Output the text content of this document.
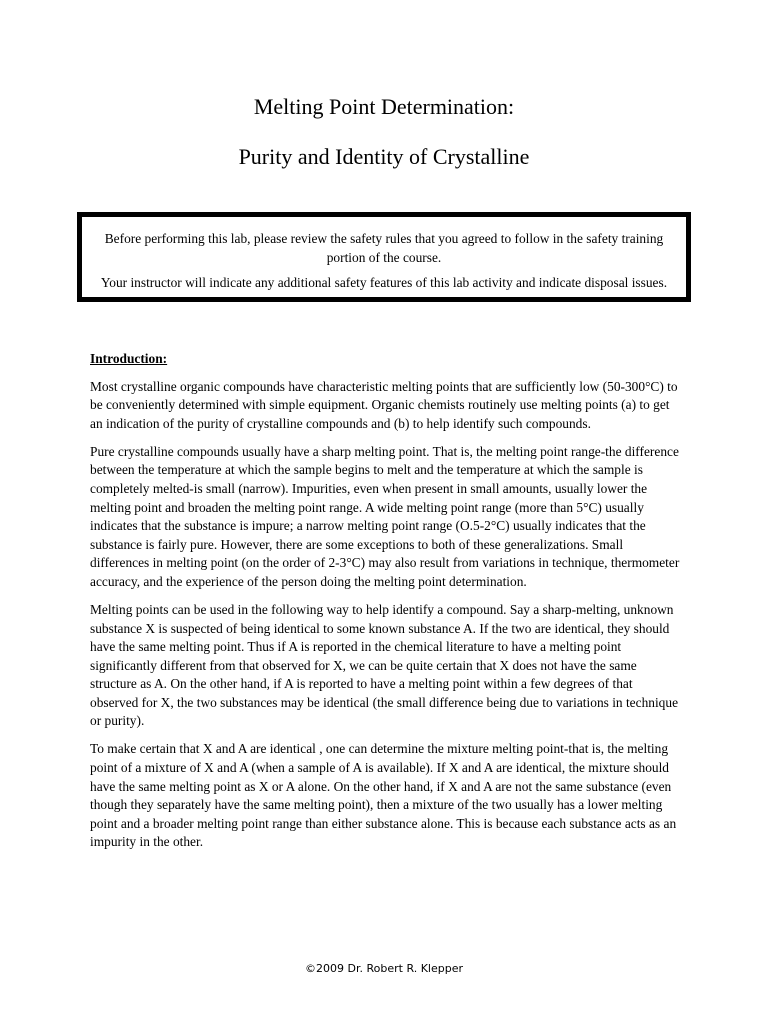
Melting Point Determination:
Purity and Identity of Crystalline

Before performing this lab, please review the safety rules that you agreed to follow in the safety training portion of the course.

Your instructor will indicate any additional safety features of this lab activity and indicate disposal issues.

Introduction:

Most crystalline organic compounds have characteristic melting points that are sufficiently low (50-300°C) to be conveniently determined with simple equipment. Organic chemists routinely use melting points (a) to get an indication of the purity of crystalline compounds and (b) to help identify such compounds.

Pure crystalline compounds usually have a sharp melting point. That is, the melting point range-the difference between the temperature at which the sample begins to melt and the temperature at which the sample is completely melted-is small (narrow). Impurities, even when present in small amounts, usually lower the melting point and broaden the melting point range. A wide melting point range (more than 5°C) usually indicates that the substance is impure; a narrow melting point range (O.5-2°C) usually indicates that the substance is fairly pure. However, there are some exceptions to both of these generalizations. Small differences in melting point (on the order of 2-3°C) may also result from variations in technique, thermometer accuracy, and the experience of the person doing the melting point determination.

Melting points can be used in the following way to help identify a compound. Say a sharp-melting, unknown substance X is suspected of being identical to some known substance A. If the two are identical, they should have the same melting point. Thus if A is reported in the chemical literature to have a melting point significantly different from that observed for X, we can be quite certain that X does not have the same structure as A. On the other hand, if A is reported to have a melting point within a few degrees of that observed for X, the two substances may be identical (the small difference being due to variations in technique or purity).

To make certain that X and A are identical , one can determine the mixture melting point-that is, the melting point of a mixture of X and A (when a sample of A is available). If X and A are identical, the mixture should have the same melting point as X or A alone. On the other hand, if X and A are not the same substance (even though they separately have the same melting point), then a mixture of the two usually has a lower melting point and a broader melting point range than either substance alone. This is because each substance acts as an impurity in the other.

©2009 Dr. Robert R. Klepper
